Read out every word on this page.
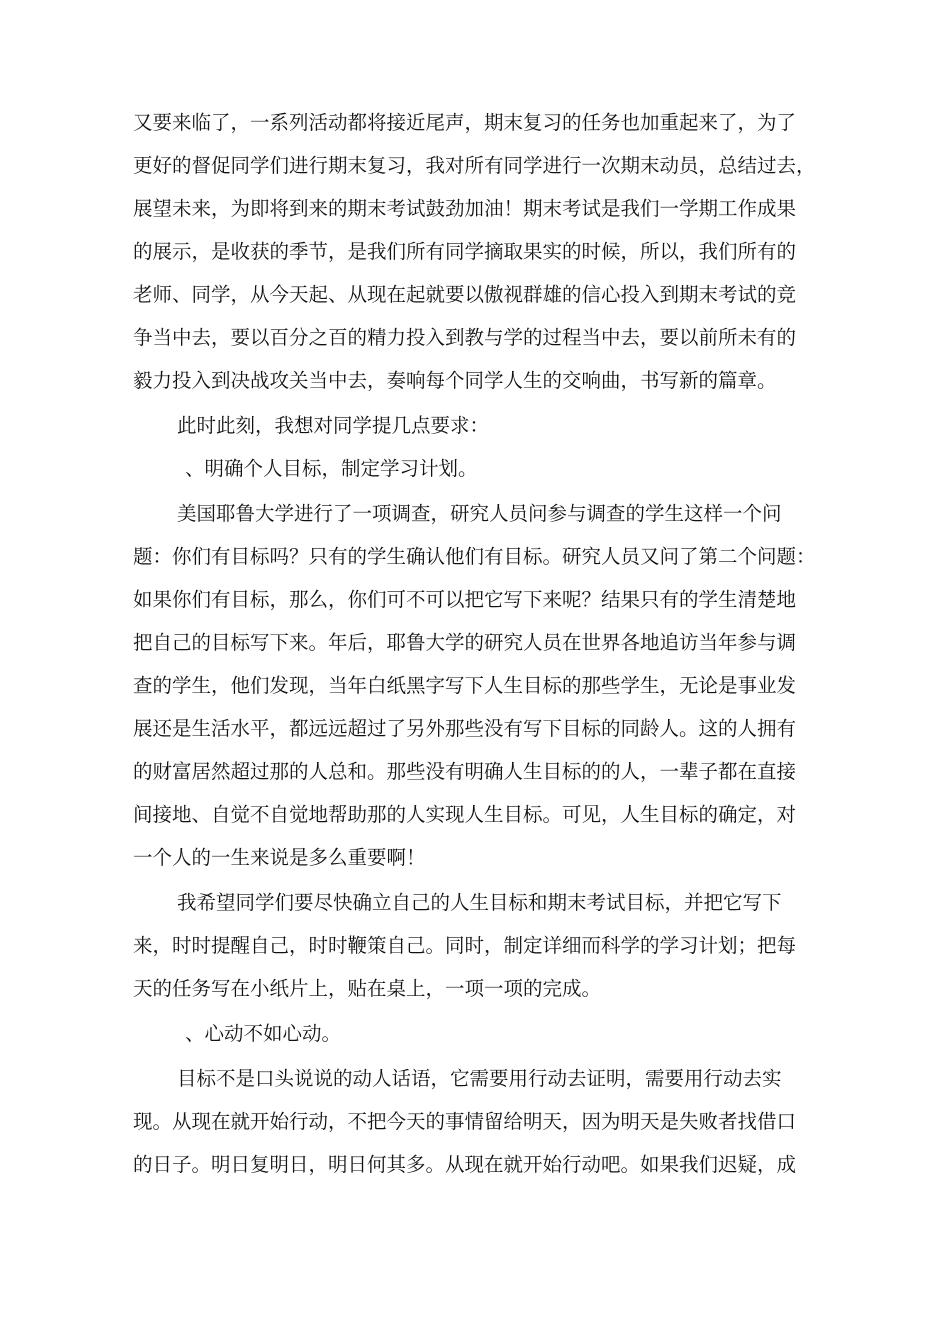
又要来临了，一系列活动都将接近尾声，期末复习的任务也加重起来了，为了
更好的督促同学们进行期末复习，我对所有同学进行一次期末动员，总结过去，
展望未来，为即将到来的期末考试鼓劲加油！期末考试是我们一学期工作成果
的展示，是收获的季节，是我们所有同学摘取果实的时候，所以，我们所有的
老师、同学，从今天起、从现在起就要以傲视群雄的信心投入到期末考试的竞
争当中去，要以百分之百的精力投入到教与学的过程当中去，要以前所未有的
毅力投入到决战攻关当中去，奏响每个同学人生的交响曲，书写新的篇章。
此时此刻，我想对同学提几点要求：
、明确个人目标，制定学习计划。
美国耶鲁大学进行了一项调查，研究人员问参与调查的学生这样一个问
题：你们有目标吗？只有的学生确认他们有目标。研究人员又问了第二个问题：
如果你们有目标，那么，你们可不可以把它写下来呢？结果只有的学生清楚地
把自己的目标写下来。年后，耶鲁大学的研究人员在世界各地追访当年参与调
查的学生，他们发现，当年白纸黑字写下人生目标的那些学生，无论是事业发
展还是生活水平，都远远超过了另外那些没有写下目标的同龄人。这的人拥有
的财富居然超过那的人总和。那些没有明确人生目标的的人，一辈子都在直接
间接地、自觉不自觉地帮助那的人实现人生目标。可见，人生目标的确定，对
一个人的一生来说是多么重要啊！
我希望同学们要尽快确立自己的人生目标和期末考试目标，并把它写下
来，时时提醒自己，时时鞭策自己。同时，制定详细而科学的学习计划；把每
天的任务写在小纸片上，贴在桌上，一项一项的完成。
、心动不如心动。
目标不是口头说说的动人话语，它需要用行动去证明，需要用行动去实
现。从现在就开始行动，不把今天的事情留给明天，因为明天是失败者找借口
的日子。明日复明日，明日何其多。从现在就开始行动吧。如果我们迟疑，成
